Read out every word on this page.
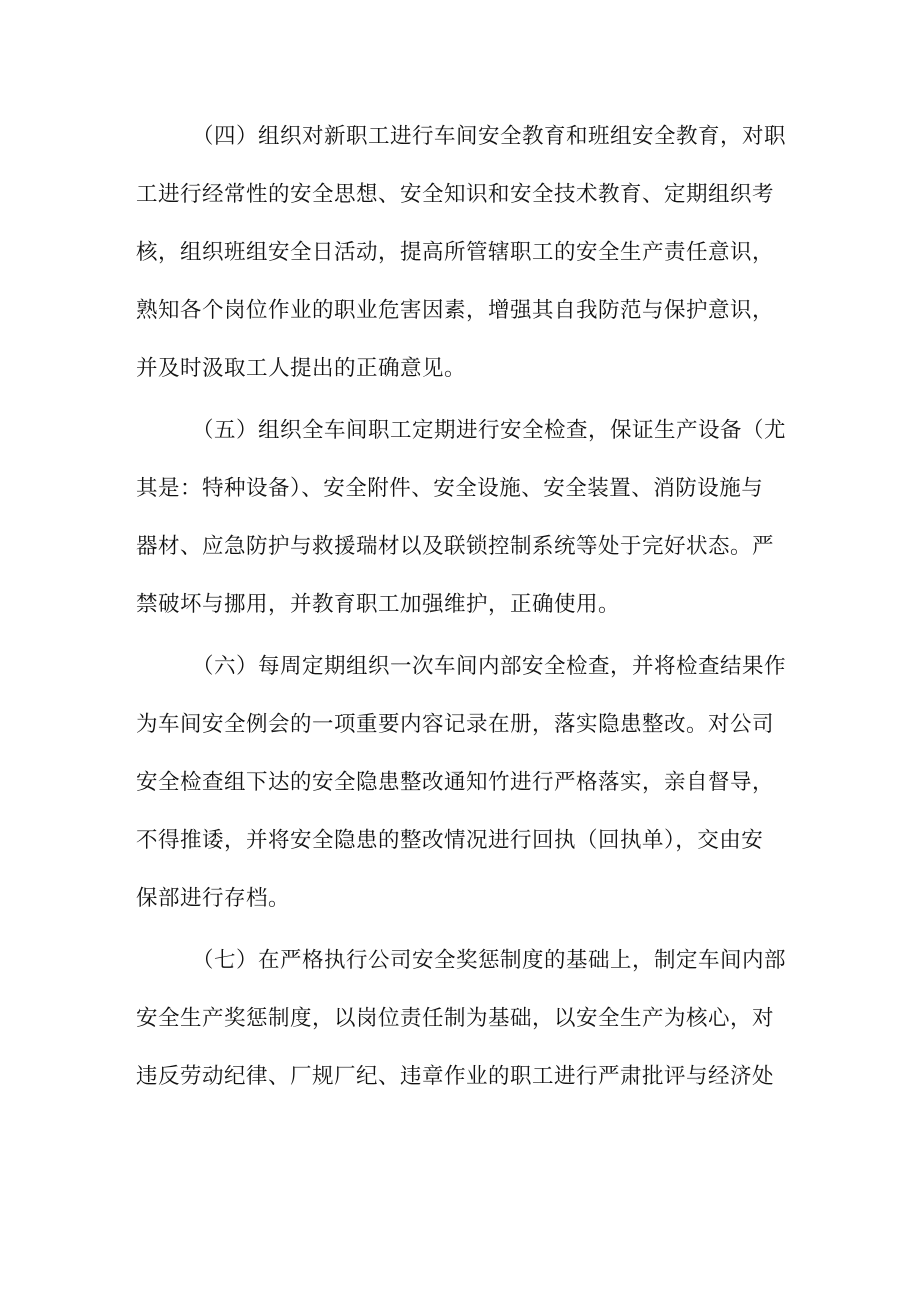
（四）组织对新职工进行车间安全教育和班组安全教育，对职
工进行经常性的安全思想、安全知识和安全技术教育、定期组织考
核，组织班组安全日活动，提高所管辖职工的安全生产责任意识，
熟知各个岗位作业的职业危害因素，增强其自我防范与保护意识，
并及时汲取工人提出的正确意见。
（五）组织全车间职工定期进行安全检查，保证生产设备（尤
其是：特种设备）、安全附件、安全设施、安全装置、消防设施与
器材、应急防护与救援瑞材以及联锁控制系统等处于完好状态。严
禁破坏与挪用，并教育职工加强维护，正确使用。
（六）每周定期组织一次车间内部安全检查，并将检查结果作
为车间安全例会的一项重要内容记录在册，落实隐患整改。对公司
安全检查组下达的安全隐患整改通知竹进行严格落实，亲自督导，
不得推诿，并将安全隐患的整改情况进行回执（回执单），交由安
保部进行存档。
（七）在严格执行公司安全奖惩制度的基础上，制定车间内部
安全生产奖惩制度，以岗位责任制为基础，以安全生产为核心，对
违反劳动纪律、厂规厂纪、违章作业的职工进行严肃批评与经济处
